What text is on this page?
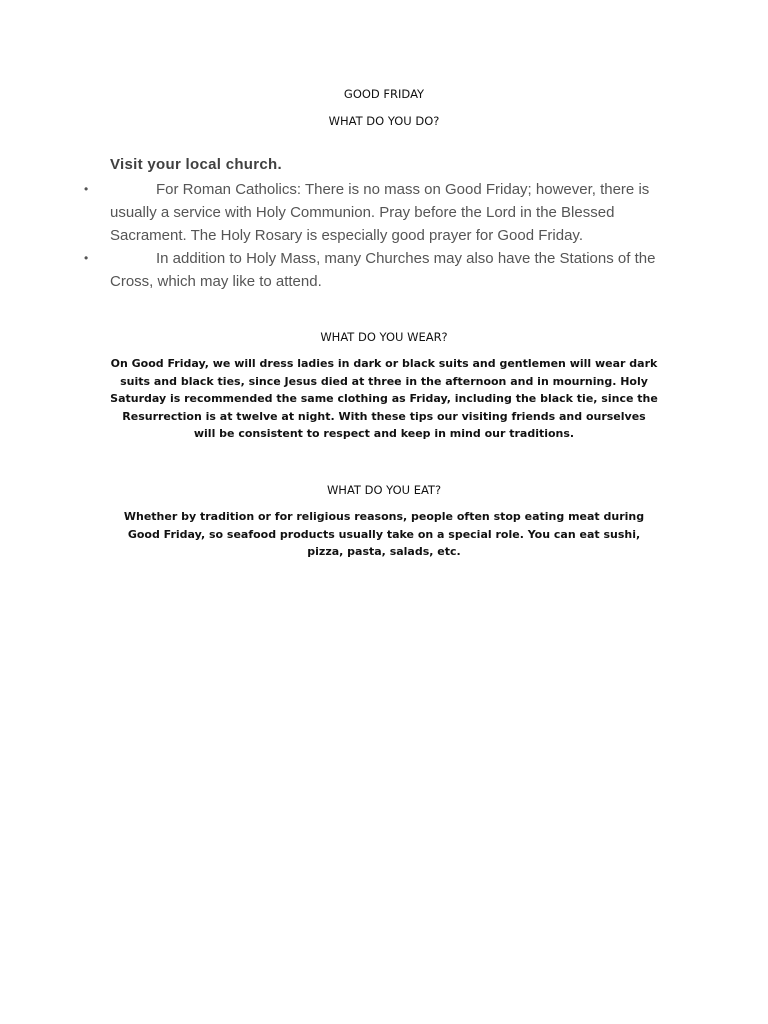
GOOD FRIDAY
WHAT DO YOU DO?

Visit your local church.

•	For Roman Catholics: There is no mass on Good Friday; however, there is usually a service with Holy Communion. Pray before the Lord in the Blessed Sacrament. The Holy Rosary is especially good prayer for Good Friday.
•	In addition to Holy Mass, many Churches may also have the Stations of the Cross, which may like to attend.
WHAT DO YOU WEAR?

On Good Friday, we will dress ladies in dark or black suits and gentlemen will wear dark suits and black ties, since Jesus died at three in the afternoon and in mourning. Holy Saturday is recommended the same clothing as Friday, including the black tie, since the Resurrection is at twelve at night. With these tips our visiting friends and ourselves will be consistent to respect and keep in mind our traditions.

WHAT DO YOU EAT?

Whether by tradition or for religious reasons, people often stop eating meat during Good Friday, so seafood products usually take on a special role. You can eat sushi, pizza, pasta, salads, etc.
